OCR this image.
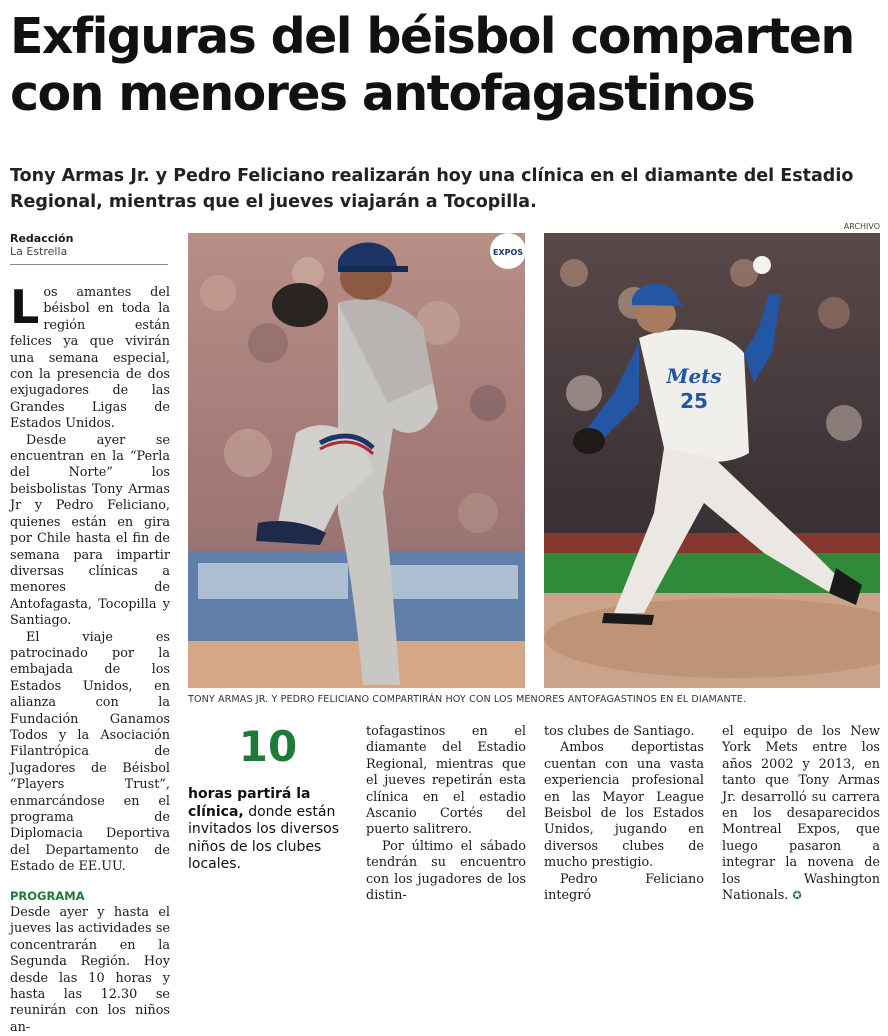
Exfiguras del béisbol comparten con menores antofagastinos
Tony Armas Jr. y Pedro Feliciano realizarán hoy una clínica en el diamante del Estadio Regional, mientras que el jueves viajarán a Tocopilla.
ARCHIVO
Redacción
La Estrella

Los amantes del béisbol en toda la región están felices ya que vivirán una semana especial, con la presencia de dos exjugadores de las Grandes Ligas de Estados Unidos.

Desde ayer se encuentran en la “Perla del Norte” los beisbolistas Tony Armas Jr y Pedro Feliciano, quienes están en gira por Chile hasta el fin de semana para impartir diversas clínicas a menores de Antofagasta, Tocopilla y Santiago.

El viaje es patrocinado por la embajada de los Estados Unidos, en alianza con la Fundación Ganamos Todos y la Asociación Filantrópica de Jugadores de Béisbol “Players Trust”, enmarcándose en el programa de Diplomacia Deportiva del Departamento de Estado de EE.UU.

PROGRAMA

Desde ayer y hasta el jueves las actividades se concentrarán en la Segunda Región. Hoy desde las 10 horas y hasta las 12.30 se reunirán con los niños an-

EXPOS
Mets
25
TONY ARMAS JR. Y PEDRO FELICIANO COMPARTIRÁN HOY CON LOS MENORES ANTOFAGASTINOS EN EL DIAMANTE.
10
horas partirá la clínica, donde están invitados los diversos niños de los clubes locales.

tofagastinos en el diamante del Estadio Regional, mientras que el jueves repetirán esta clínica en el estadio Ascanio Cortés del puerto salitrero.

Por último el sábado tendrán su encuentro con los jugadores de los distin-

tos clubes de Santiago.

Ambos deportistas cuentan con una vasta experiencia profesional en las Mayor League Beisbol de los Estados Unidos, jugando en diversos clubes de mucho prestigio.

Pedro Feliciano integró

el equipo de los New York Mets entre los años 2002 y 2013, en tanto que Tony Armas Jr. desarrolló su carrera en los desaparecidos Montreal Expos, que luego pasaron a integrar la novena de los Washington Nationals. ✪
